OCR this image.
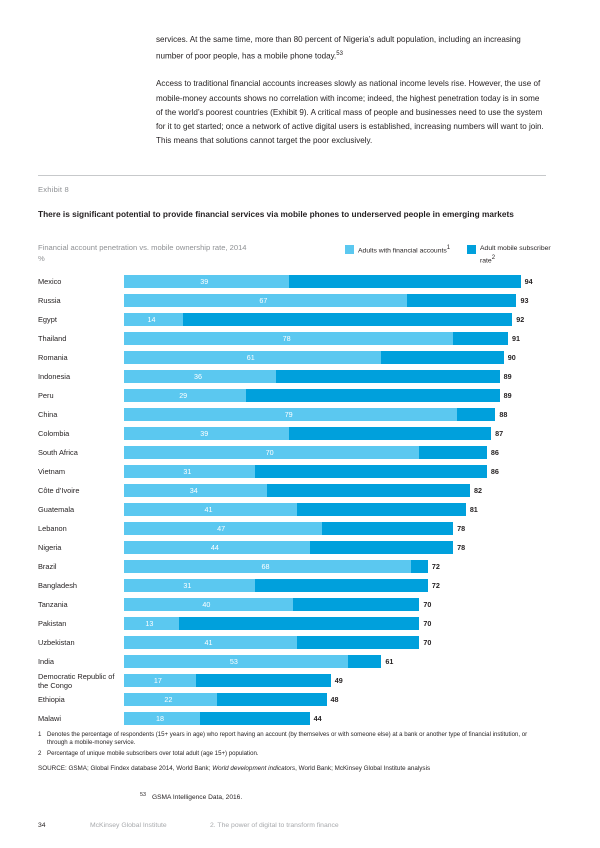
services. At the same time, more than 80 percent of Nigeria’s adult population, including an increasing number of poor people, has a mobile phone today.$^{53}$

Access to traditional financial accounts increases slowly as national income levels rise. However, the use of mobile-money accounts shows no correlation with income; indeed, the highest penetration today is in some of the world’s poorest countries (Exhibit 9). A critical mass of people and businesses need to use the system for it to get started; once a network of active digital users is established, increasing numbers will want to join. This means that solutions cannot target the poor exclusively.

Exhibit 8
There is significant potential to provide financial services via mobile phones to underserved people in emerging markets
Financial account penetration vs. mobile ownership rate, 2014
%
Adults with financial accounts1	Adult mobile subscriber rate2
Mexico	39	94
Russia	67	93
Egypt	14	92
Thailand	78	91
Romania	61	90
Indonesia	36	89
Peru	29	89
China	79	88
Colombia	39	87
South Africa	70	86
Vietnam	31	86
Côte d’Ivoire	34	82
Guatemala	41	81
Lebanon	47	78
Nigeria	44	78
Brazil	68	72
Bangladesh	31	72
Tanzania	40	70
Pakistan	13	70
Uzbekistan	41	70
India	53	61
Democratic Republic of the Congo	17	49
Ethiopia	22	48
Malawi	18	44
1 Denotes the percentage of respondents (15+ years in age) who report having an account (by themselves or with someone else) at a bank or another type of financial institution, or through a mobile-money service.
2 Percentage of unique mobile subscribers over total adult (age 15+) population.
SOURCE: GSMA; Global Findex database 2014, World Bank; World development indicators, World Bank; McKinsey Global Institute analysis
$^{53}$ GSMA Intelligence Data, 2016.
34	McKinsey Global Institute	2. The power of digital to transform finance
